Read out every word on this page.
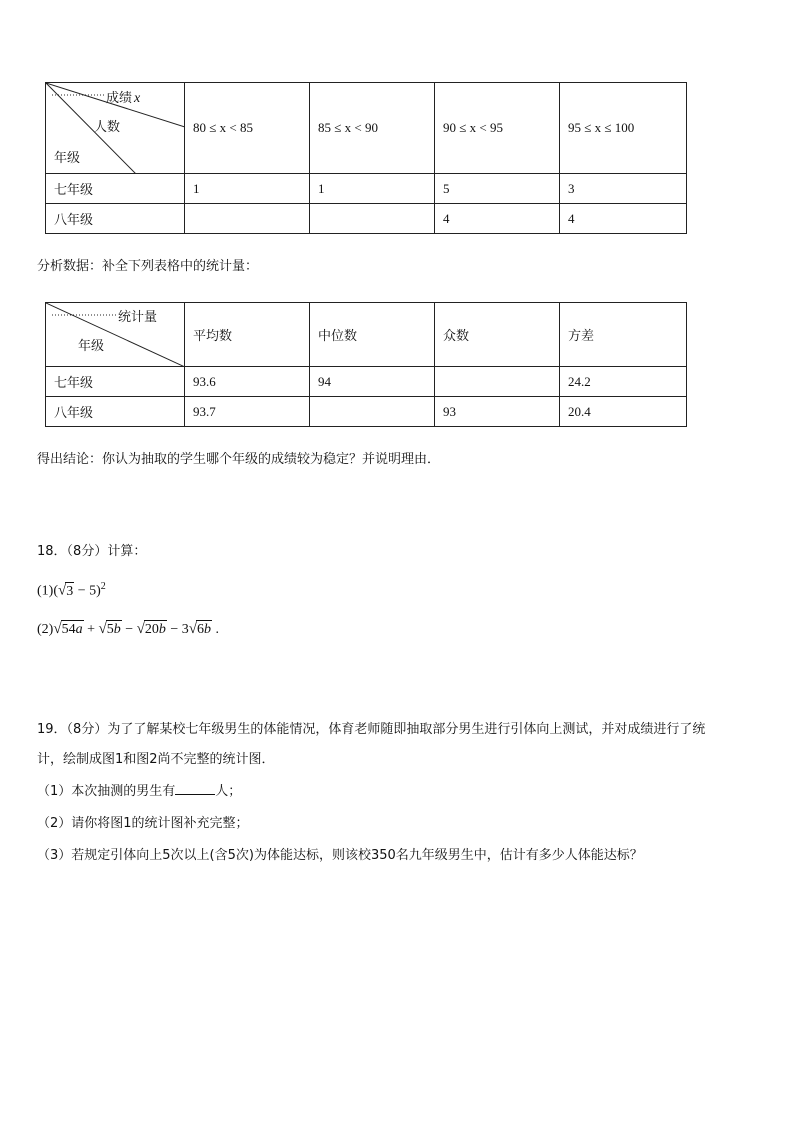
成绩 x
人数
年级	80 ≤ x < 85	85 ≤ x < 90	90 ≤ x < 95	95 ≤ x ≤ 100
七年级	1	1	5	3
八年级			4	4
分析数据：补全下列表格中的统计量：
统计量
年级	平均数	中位数	众数	方差
七年级	93.6	94		24.2
八年级	93.7		93	20.4
得出结论：你认为抽取的学生哪个年级的成绩较为稳定？并说明理由．
18．（8分）计算：
$(1)(√3 - 5)^2$
(2)√54a + √5b − √20b − 3√6b .
19．（8分）为了了解某校七年级男生的体能情况，体育老师随即抽取部分男生进行引体向上测试，并对成绩进行了统
计，绘制成图1和图2尚不完整的统计图．
（1）本次抽测的男生有	人；
（2）请你将图1的统计图补充完整；
（3）若规定引体向上5次以上(含5次)为体能达标，则该校350名九年级男生中，估计有多少人体能达标？
